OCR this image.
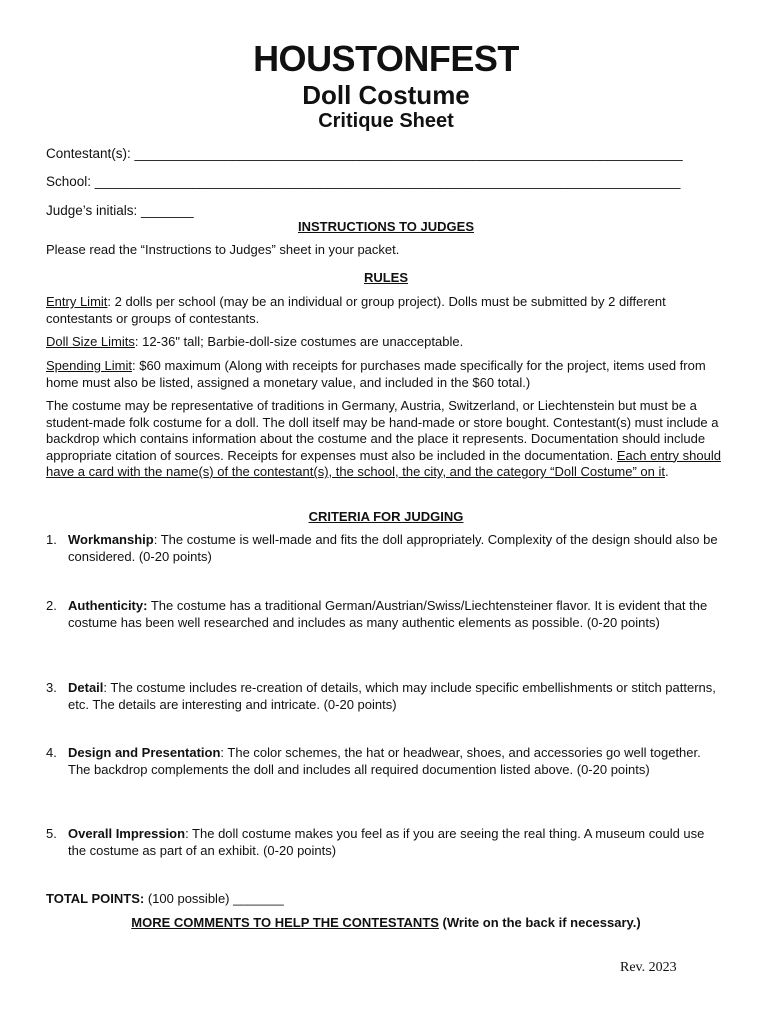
HOUSTONFEST
Doll Costume
Critique Sheet
Contestant(s): _________________________________________________________________________
School: ______________________________________________________________________________
Judge’s initials: _______
INSTRUCTIONS TO JUDGES
Please read the “Instructions to Judges” sheet in your packet.
RULES
Entry Limit: 2 dolls per school (may be an individual or group project). Dolls must be submitted by 2 different contestants or groups of contestants.
Doll Size Limits: 12-36" tall; Barbie-doll-size costumes are unacceptable.
Spending Limit: $60 maximum (Along with receipts for purchases made specifically for the project, items used from home must also be listed, assigned a monetary value, and included in the $60 total.)
The costume may be representative of traditions in Germany, Austria, Switzerland, or Liechtenstein but must be a student-made folk costume for a doll. The doll itself may be hand-made or store bought. Contestant(s) must include a backdrop which contains information about the costume and the place it represents. Documentation should include appropriate citation of sources. Receipts for expenses must also be included in the documentation. Each entry should have a card with the name(s) of the contestant(s), the school, the city, and the category “Doll Costume” on it.
CRITERIA FOR JUDGING
1. Workmanship: The costume is well-made and fits the doll appropriately. Complexity of the design should also be considered. (0-20 points)
2. Authenticity: The costume has a traditional German/Austrian/Swiss/Liechtensteiner flavor. It is evident that the costume has been well researched and includes as many authentic elements as possible. (0-20 points)
3. Detail: The costume includes re-creation of details, which may include specific embellishments or stitch patterns, etc. The details are interesting and intricate. (0-20 points)
4. Design and Presentation: The color schemes, the hat or headwear, shoes, and accessories go well together. The backdrop complements the doll and includes all required documention listed above. (0-20 points)
5. Overall Impression: The doll costume makes you feel as if you are seeing the real thing. A museum could use the costume as part of an exhibit. (0-20 points)
TOTAL POINTS: (100 possible) _______
MORE COMMENTS TO HELP THE CONTESTANTS (Write on the back if necessary.)
Rev. 2023
